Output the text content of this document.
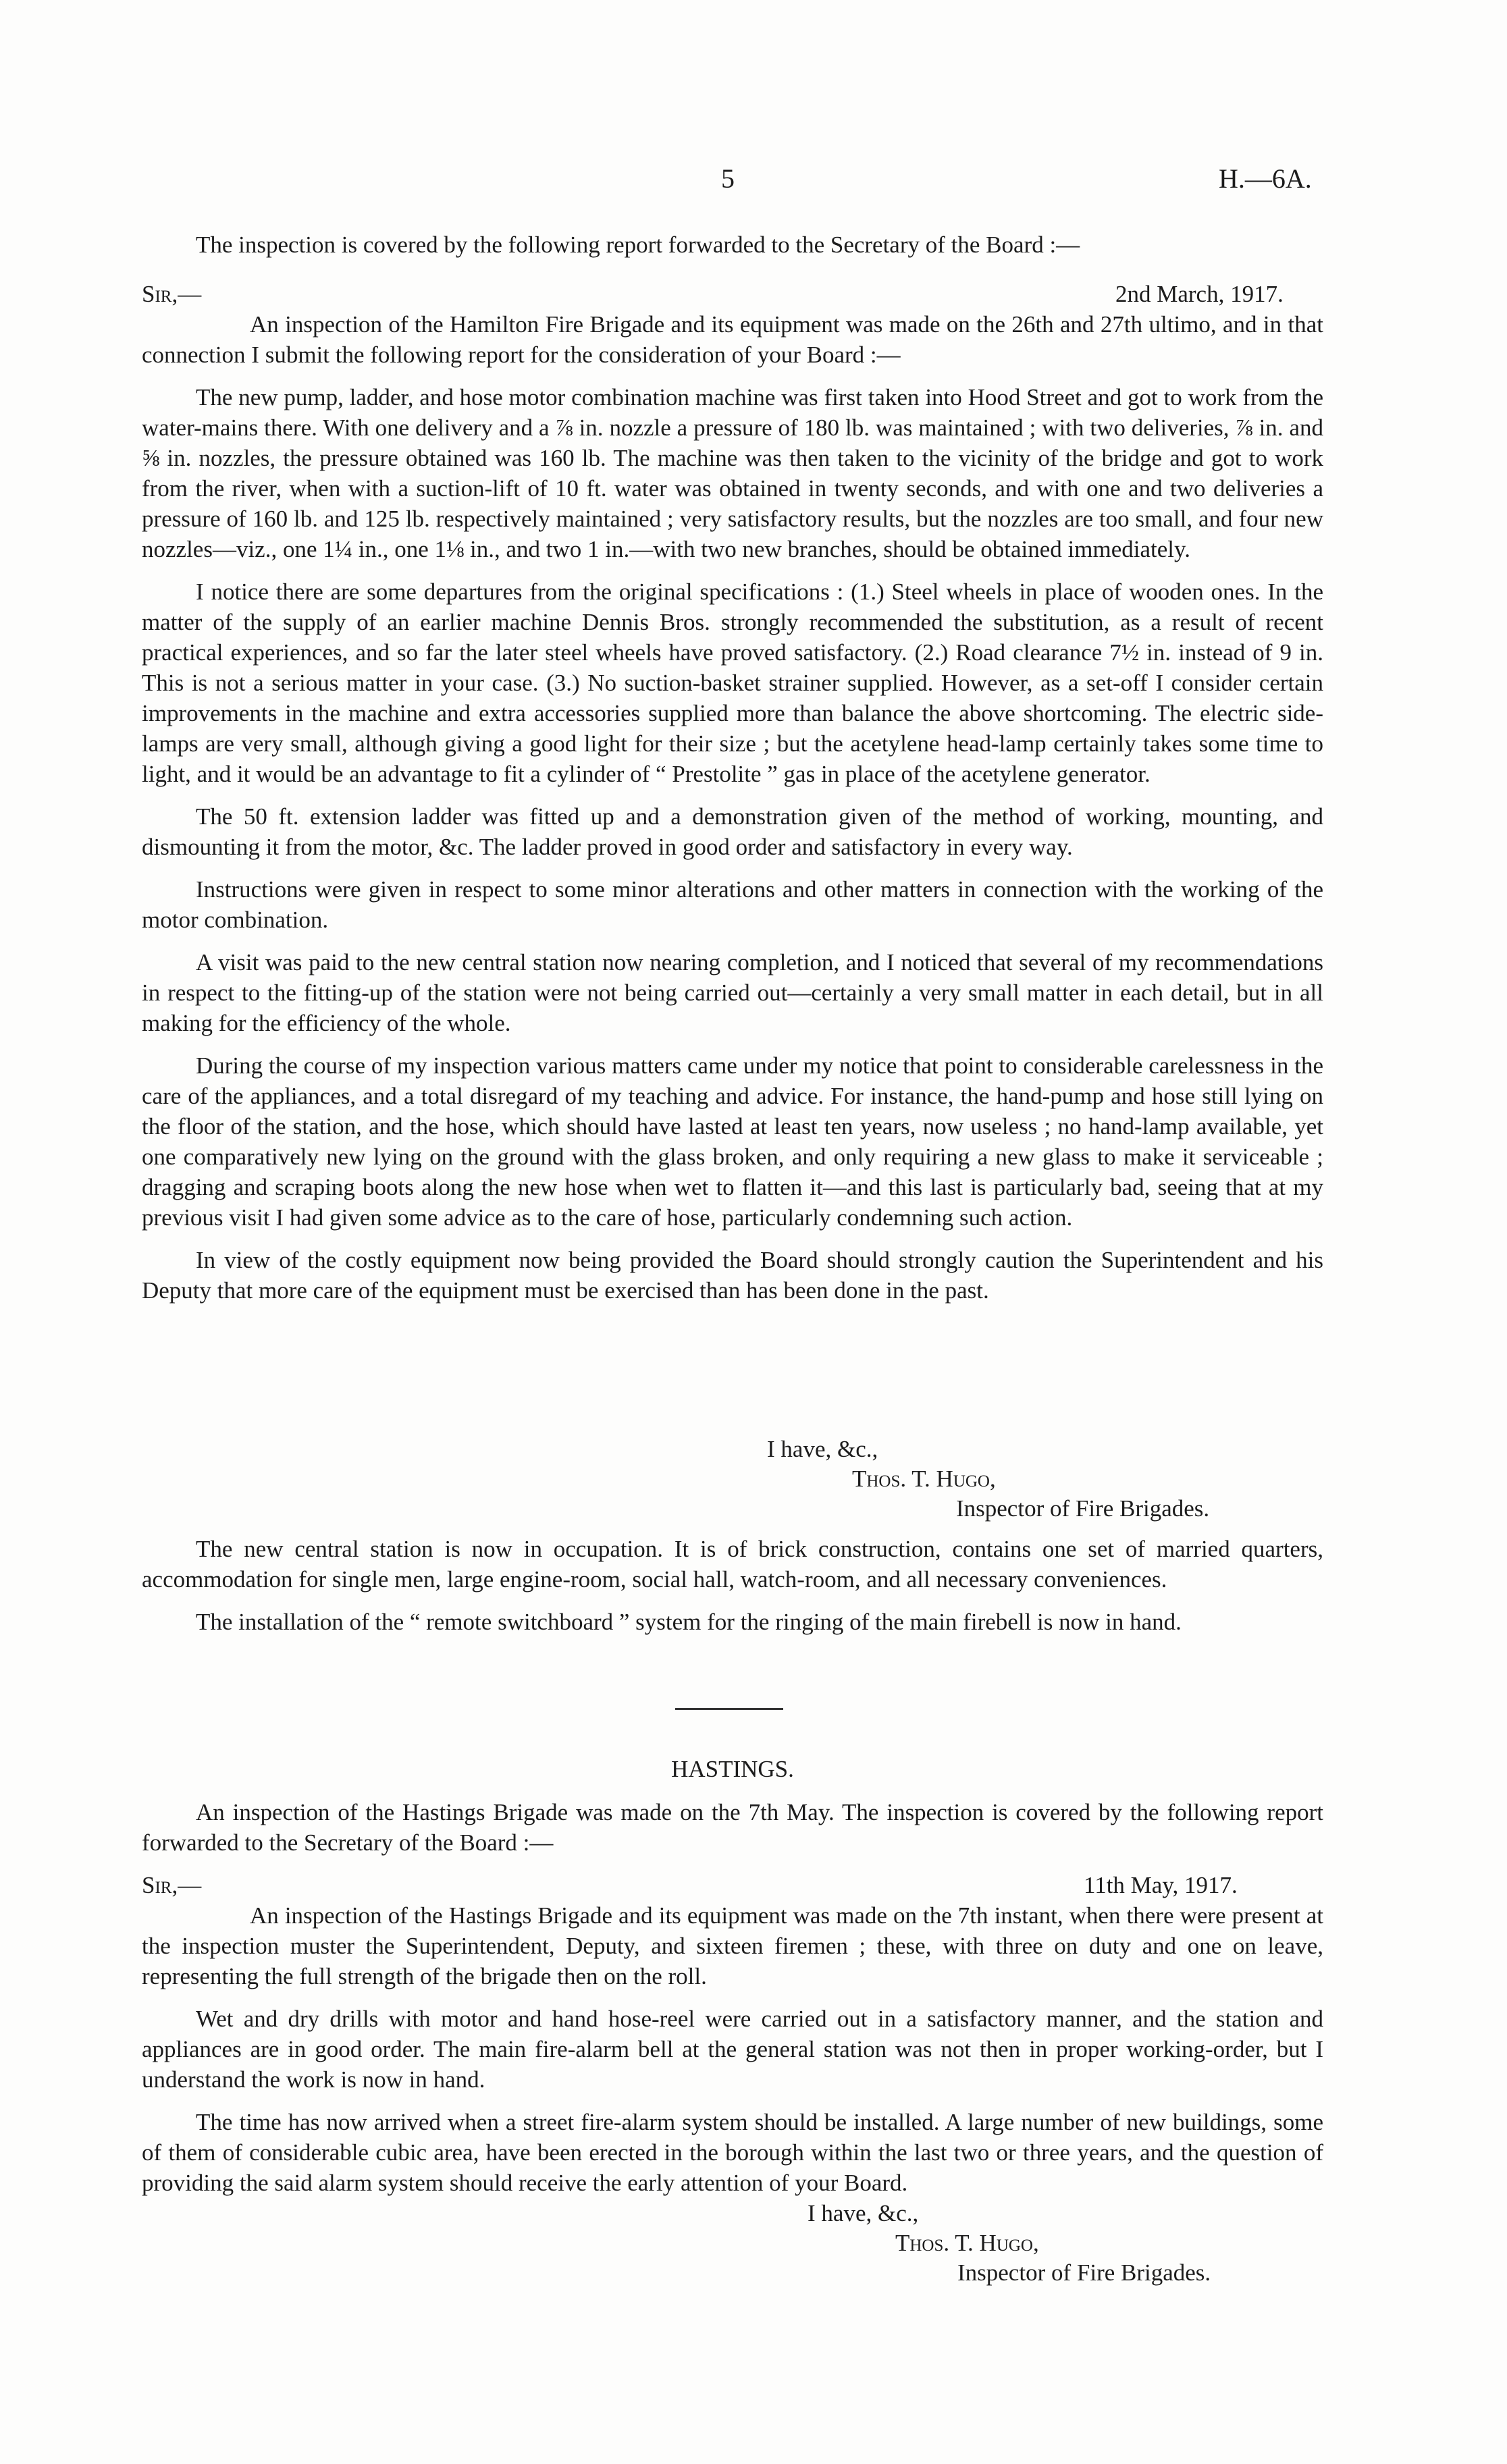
5	H.—6A.

The inspection is covered by the following report forwarded to the Secretary of the Board :—

Sir,—	2nd March, 1917.

An inspection of the Hamilton Fire Brigade and its equipment was made on the 26th and 27th ultimo, and in that connection I submit the following report for the consideration of your Board :—

The new pump, ladder, and hose motor combination machine was first taken into Hood Street and got to work from the water-mains there. With one delivery and a ⅞ in. nozzle a pressure of 180 lb. was maintained ; with two deliveries, ⅞ in. and ⅝ in. nozzles, the pressure obtained was 160 lb. The machine was then taken to the vicinity of the bridge and got to work from the river, when with a suction-lift of 10 ft. water was obtained in twenty seconds, and with one and two deliveries a pressure of 160 lb. and 125 lb. respectively maintained ; very satisfactory results, but the nozzles are too small, and four new nozzles—viz., one 1¼ in., one 1⅛ in., and two 1 in.—with two new branches, should be obtained immediately.

I notice there are some departures from the original specifications : (1.) Steel wheels in place of wooden ones. In the matter of the supply of an earlier machine Dennis Bros. strongly recommended the substitution, as a result of recent practical experiences, and so far the later steel wheels have proved satisfactory. (2.) Road clearance 7½ in. instead of 9 in. This is not a serious matter in your case. (3.) No suction-basket strainer supplied. However, as a set-off I consider certain improvements in the machine and extra accessories supplied more than balance the above shortcoming. The electric side-lamps are very small, although giving a good light for their size ; but the acetylene head-lamp certainly takes some time to light, and it would be an advantage to fit a cylinder of “ Prestolite ” gas in place of the acetylene generator.

The 50 ft. extension ladder was fitted up and a demonstration given of the method of working, mounting, and dismounting it from the motor, &c. The ladder proved in good order and satisfactory in every way.

Instructions were given in respect to some minor alterations and other matters in connection with the working of the motor combination.

A visit was paid to the new central station now nearing completion, and I noticed that several of my recommendations in respect to the fitting-up of the station were not being carried out—certainly a very small matter in each detail, but in all making for the efficiency of the whole.

During the course of my inspection various matters came under my notice that point to considerable carelessness in the care of the appliances, and a total disregard of my teaching and advice. For instance, the hand-pump and hose still lying on the floor of the station, and the hose, which should have lasted at least ten years, now useless ; no hand-lamp available, yet one comparatively new lying on the ground with the glass broken, and only requiring a new glass to make it serviceable ; dragging and scraping boots along the new hose when wet to flatten it—and this last is particularly bad, seeing that at my previous visit I had given some advice as to the care of hose, particularly condemning such action.

In view of the costly equipment now being provided the Board should strongly caution the Superintendent and his Deputy that more care of the equipment must be exercised than has been done in the past.

I have, &c.,
Thos. T. Hugo,
Inspector of Fire Brigades.

The new central station is now in occupation. It is of brick construction, contains one set of married quarters, accommodation for single men, large engine-room, social hall, watch-room, and all necessary conveniences.

The installation of the “ remote switchboard ” system for the ringing of the main firebell is now in hand.

HASTINGS.

An inspection of the Hastings Brigade was made on the 7th May. The inspection is covered by the following report forwarded to the Secretary of the Board :—

Sir,—	11th May, 1917.

An inspection of the Hastings Brigade and its equipment was made on the 7th instant, when there were present at the inspection muster the Superintendent, Deputy, and sixteen firemen ; these, with three on duty and one on leave, representing the full strength of the brigade then on the roll.

Wet and dry drills with motor and hand hose-reel were carried out in a satisfactory manner, and the station and appliances are in good order. The main fire-alarm bell at the general station was not then in proper working-order, but I understand the work is now in hand.

The time has now arrived when a street fire-alarm system should be installed. A large number of new buildings, some of them of considerable cubic area, have been erected in the borough within the last two or three years, and the question of providing the said alarm system should receive the early attention of your Board.

I have, &c.,
Thos. T. Hugo,
Inspector of Fire Brigades.
